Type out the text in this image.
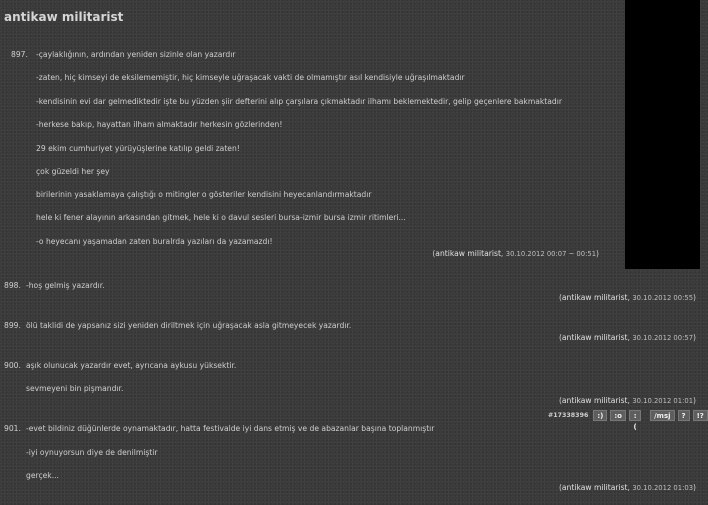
antikaw militarist
897. -çaylaklığının, ardından yeniden sizinle olan yazardır
-zaten, hiç kimseyi de eksilememiştir, hiç kimseyle uğraşacak vakti de olmamıştır asıl kendisiyle uğraşılmaktadır
-kendisinin evi dar gelmediktedir işte bu yüzden şiir defterini alıp çarşılara çıkmaktadır ilhamı beklemektedir, gelip geçenlere bakmaktadır
-herkese bakıp, hayattan ilham almaktadır herkesin gözlerinden!
29 ekim cumhuriyet yürüyüşlerine katılıp geldi zaten!
çok güzeldi her şey
birilerinin yasaklamaya çalıştığı o mitingler o gösteriler kendisini heyecanlandırmaktadır
hele ki fener alayının arkasından gitmek, hele ki o davul sesleri bursa-izmir bursa izmir ritimleri...
-o heyecanı yaşamadan zaten buralrda yazıları da yazamazdı!
(antikaw militarist, 30.10.2012 00:07 ~ 00:51)
898. -hoş gelmiş yazardır.
(antikaw militarist, 30.10.2012 00:55)
899. ölü taklidi de yapsanız sizi yeniden diriltmek için uğraşacak asla gitmeyecek yazardır.
(antikaw militarist, 30.10.2012 00:57)
900. aşık olunucak yazardır evet, ayrıcana aykusu yüksektir.
sevmeyeni bin pişmandır.
(antikaw militarist, 30.10.2012 01:01)
#17338396	:)	:o	:(
/msj	?	!?
901. -evet bildiniz düğünlerde oynamaktadır, hatta festivalde iyi dans etmiş ve de abazanlar başına toplanmıştır
-iyi oynuyorsun diye de denilmiştir
gerçek...
(antikaw militarist, 30.10.2012 01:03)
